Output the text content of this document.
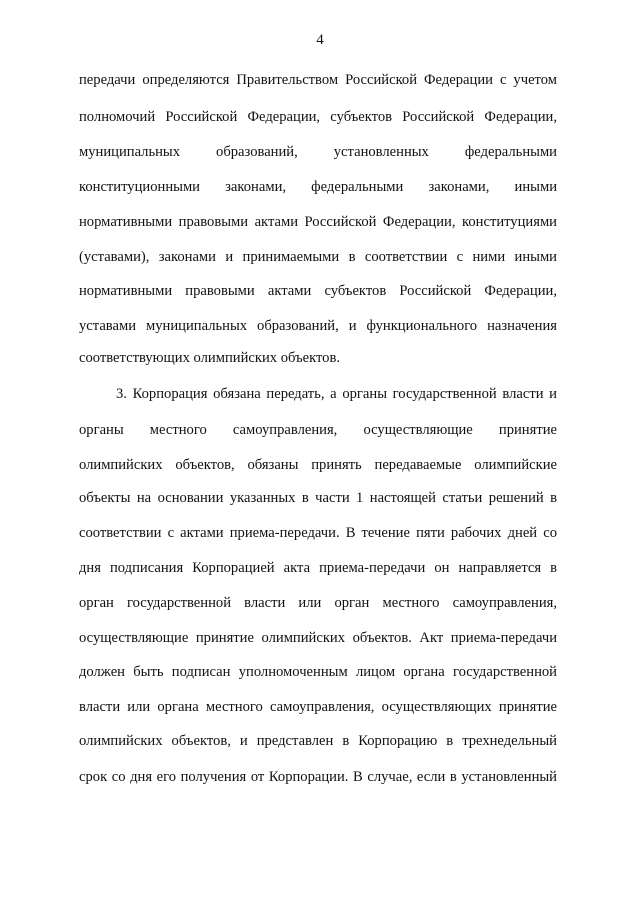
4
передачи определяются Правительством Российской Федерации с учетом
полномочий Российской Федерации, субъектов Российской Федерации,
муниципальных образований, установленных федеральными
конституционными законами, федеральными законами, иными
нормативными правовыми актами Российской Федерации, конституциями
(уставами), законами и принимаемыми в соответствии с ними иными
нормативными правовыми актами субъектов Российской Федерации,
уставами муниципальных образований, и функционального назначения
соответствующих олимпийских объектов.
3. Корпорация обязана передать, а органы государственной власти и
органы местного самоуправления, осуществляющие принятие
олимпийских объектов, обязаны принять передаваемые олимпийские
объекты на основании указанных в части 1 настоящей статьи решений в
соответствии с актами приема-передачи. В течение пяти рабочих дней со
дня подписания Корпорацией акта приема-передачи он направляется в
орган государственной власти или орган местного самоуправления,
осуществляющие принятие олимпийских объектов. Акт приема-передачи
должен быть подписан уполномоченным лицом органа государственной
власти или органа местного самоуправления, осуществляющих принятие
олимпийских объектов, и представлен в Корпорацию в трехнедельный
срок со дня его получения от Корпорации. В случае, если в установленный
